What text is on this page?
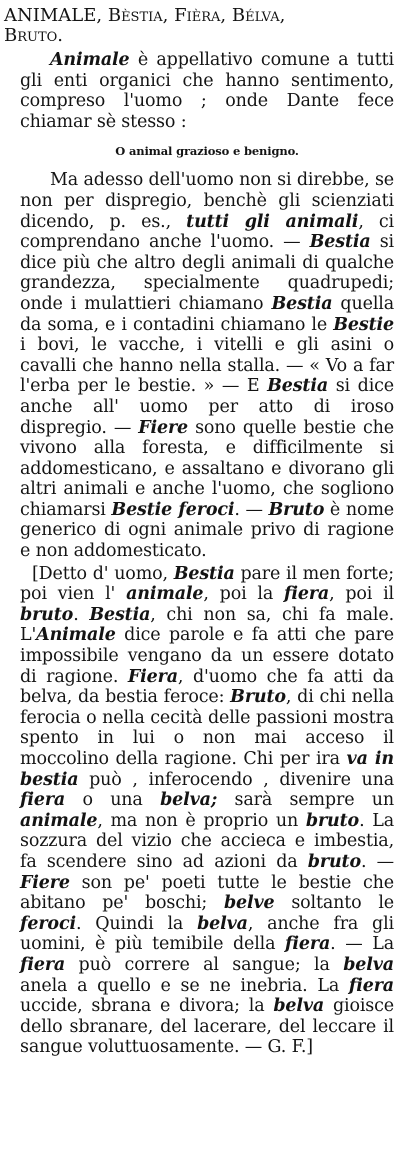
ANIMALE, Bèstia, Fièra, Bélva,
Bruto.

Animale è appellativo comune a tutti gli enti organici che hanno sentimento, compreso l'uomo ; onde Dante fece chiamar sè stesso :

O animal grazioso e benigno.

Ma adesso dell'uomo non si direbbe, se non per dispregio, benchè gli scienziati dicendo, p. es., tutti gli animali, ci comprendano anche l'uomo. — Bestia si dice più che altro degli animali di qualche grandezza, specialmente quadrupedi; onde i mulattieri chiamano Bestia quella da soma, e i contadini chiamano le Bestie i bovi, le vacche, i vitelli e gli asini o cavalli che hanno nella stalla. — « Vo a far l'erba per le bestie. » — E Bestia si dice anche all' uomo per atto di iroso dispregio. — Fiere sono quelle bestie che vivono alla foresta, e difficilmente si addomesticano, e assaltano e divorano gli altri animali e anche l'uomo, che sogliono chiamarsi Bestie feroci. — Bruto è nome generico di ogni animale privo di ragione e non addomesticato.

[Detto d' uomo, Bestia pare il men forte; poi vien l' animale, poi la fiera, poi il bruto. Bestia, chi non sa, chi fa male. L'Animale dice parole e fa atti che pare impossibile vengano da un essere dotato di ragione. Fiera, d'uomo che fa atti da belva, da bestia feroce: Bruto, di chi nella ferocia o nella cecità delle passioni mostra spento in lui o non mai acceso il moccolino della ragione. Chi per ira va in bestia può , inferocendo , divenire una fiera o una belva; sarà sempre un animale, ma non è proprio un bruto. La sozzura del vizio che accieca e imbestia, fa scendere sino ad azioni da bruto. — Fiere son pe' poeti tutte le bestie che abitano pe' boschi; belve soltanto le feroci. Quindi la belva, anche fra gli uomini, è più temibile della fiera. — La fiera può correre al sangue; la belva anela a quello e se ne inebria. La fiera uccide, sbrana e divora; la belva gioisce dello sbranare, del lacerare, del leccare il sangue voluttuosamente. — G. F.]
